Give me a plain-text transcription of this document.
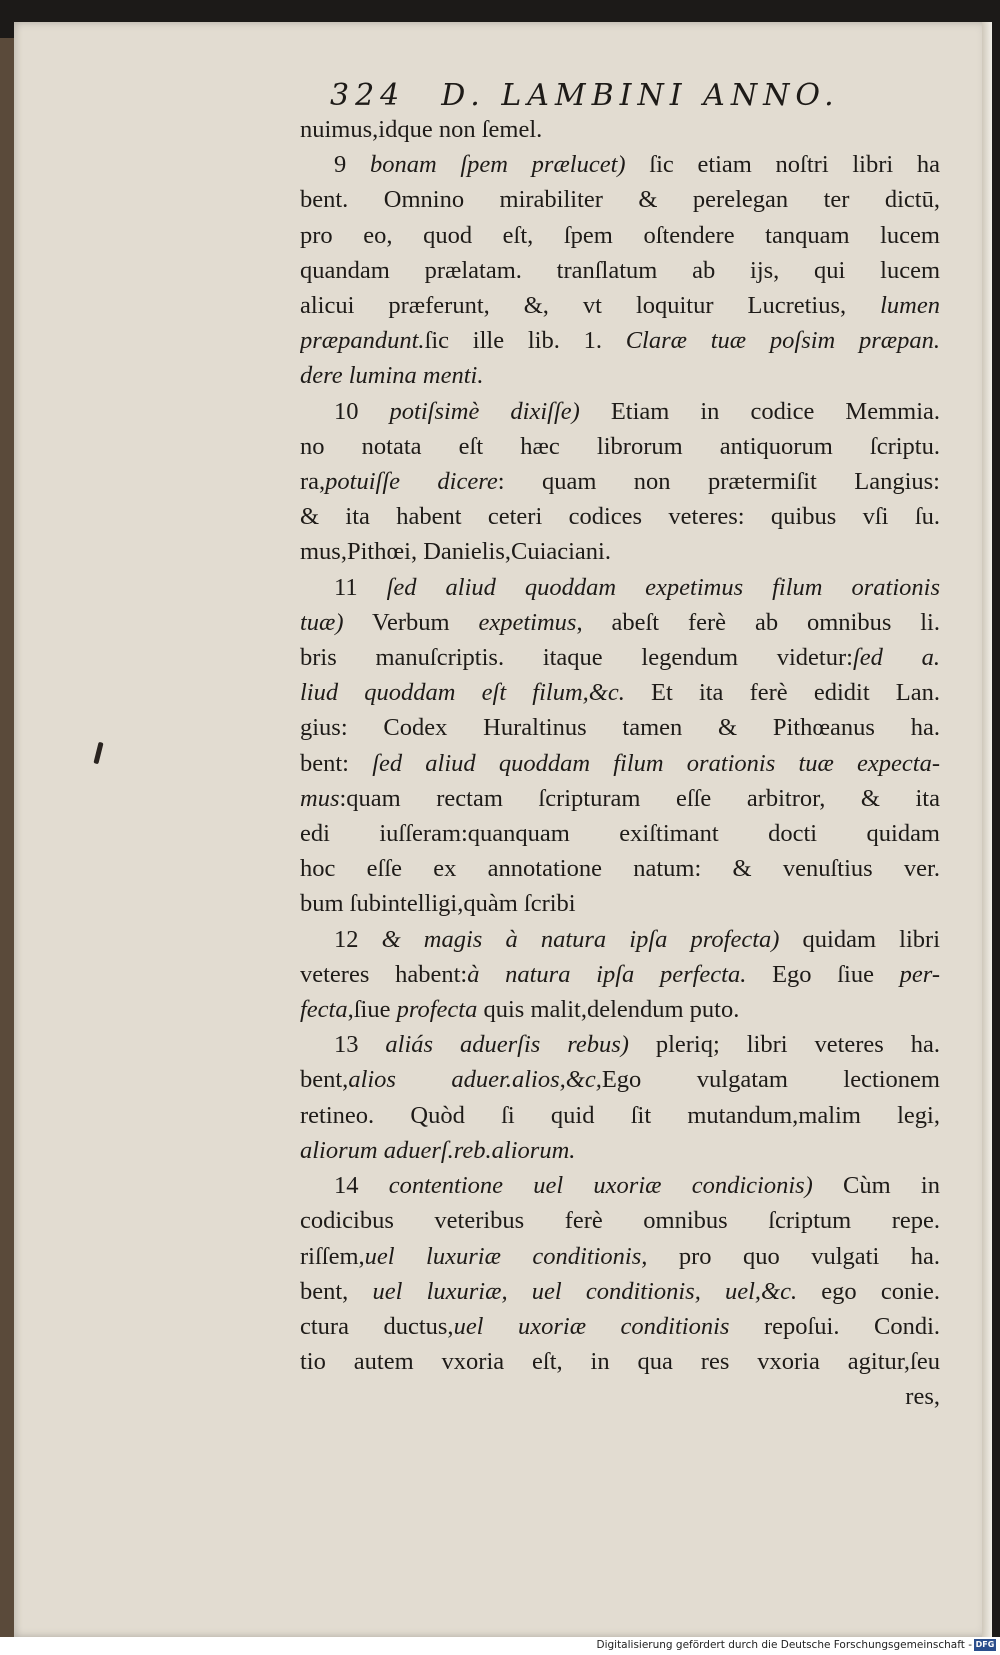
324 D. LAMBINI ANNO.
nuimus,idque non ſemel.
9 bonam ſpem prælucet) ſic etiam noſtri libri ha
bent. Omnino mirabiliter & perelegan ter dictū,
pro eo, quod eſt, ſpem oſtendere tanquam lucem
quandam prælatam. tranſlatum ab ijs, qui lucem
alicui præferunt, &, vt loquitur Lucretius, lumen
præpandunt.ſic ille lib. 1. Claræ tuæ poſsim præpan.
dere lumina menti.
10 potiſsimè dixiſſe) Etiam in codice Memmia.
no notata eſt hæc librorum antiquorum ſcriptu.
ra,potuiſſe dicere: quam non prætermiſit Langius:
& ita habent ceteri codices veteres: quibus vſi ſu.
mus,Pithœi, Danielis,Cuiaciani.
11 ſed aliud quoddam expetimus filum orationis
tuæ) Verbum expetimus, abeſt ferè ab omnibus li.
bris manuſcriptis. itaque legendum videtur:ſed a.
liud quoddam eſt filum,&c. Et ita ferè edidit Lan.
gius: Codex Huraltinus tamen & Pithœanus ha.
bent: ſed aliud quoddam filum orationis tuæ expecta-
mus:quam rectam ſcripturam eſſe arbitror, & ita
edi iuſſeram:quanquam exiſtimant docti quidam
hoc eſſe ex annotatione natum: & venuſtius ver.
bum ſubintelligi,quàm ſcribi
12 & magis à natura ipſa profecta) quidam libri
veteres habent:à natura ipſa perfecta. Ego ſiue per-
fecta,ſiue profecta quis malit,delendum puto.
13 aliás aduerſis rebus) pleriq; libri veteres ha.
bent,alios aduer.alios,&c,Ego vulgatam lectionem
retineo. Quòd ſi quid ſit mutandum,malim legi,
aliorum aduerſ.reb.aliorum.
14 contentione uel uxoriæ condicionis) Cùm in
codicibus veteribus ferè omnibus ſcriptum repe.
riſſem,uel luxuriæ conditionis, pro quo vulgati ha.
bent, uel luxuriæ, uel conditionis, uel,&c. ego conie.
ctura ductus,uel uxoriæ conditionis repoſui. Condi.
tio autem vxoria eſt, in qua res vxoria agitur,ſeu
res,
Digitalisierung gefördert durch die Deutsche Forschungsgemeinschaft - DFG
